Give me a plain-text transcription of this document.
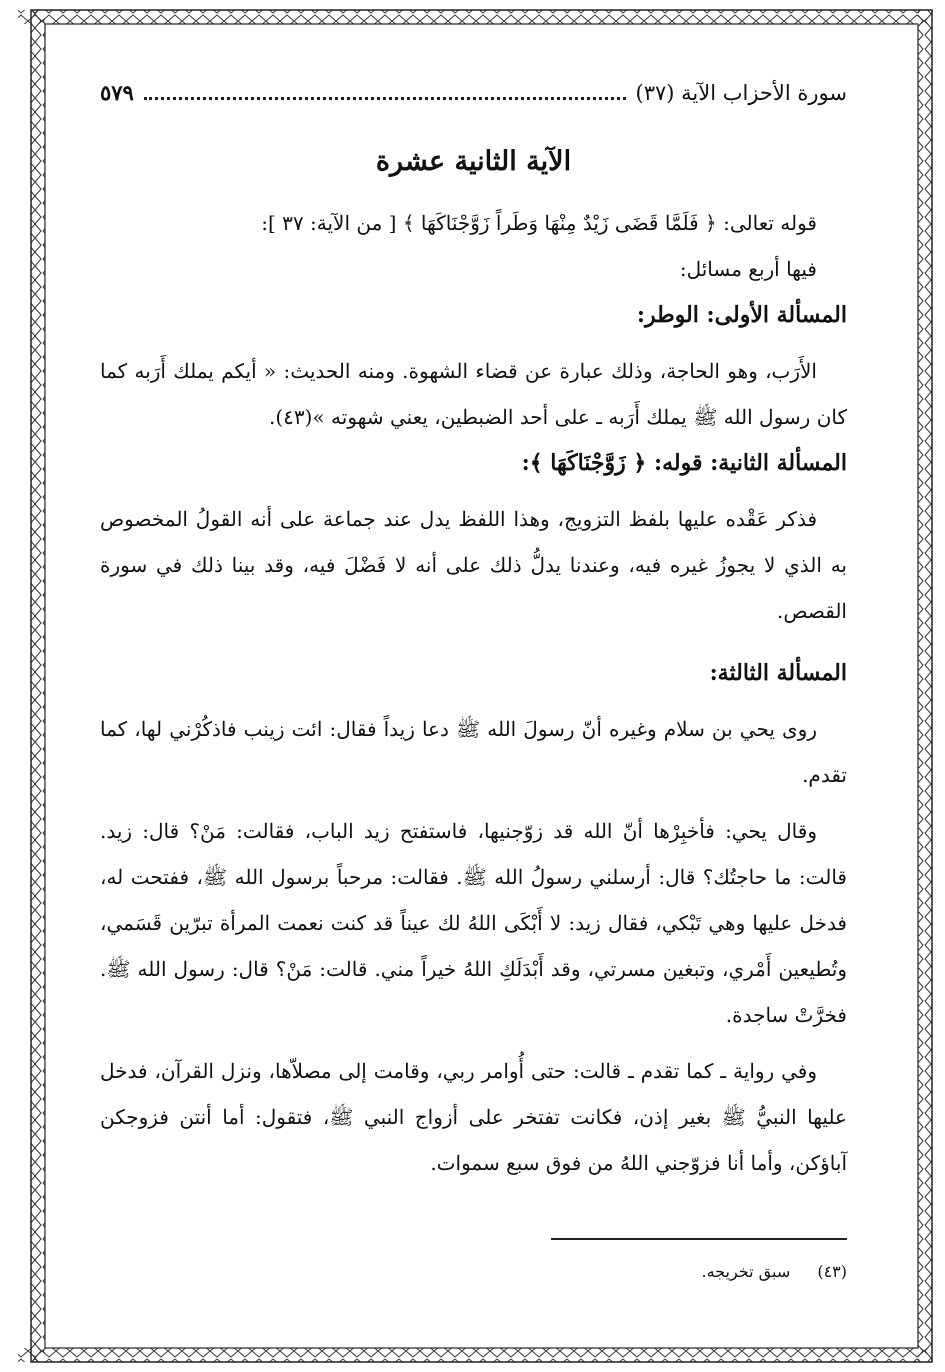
سورة الأحزاب الآية (٣٧)
٥٧٩
الآية الثانية عشرة

قوله تعالى: ﴿ فَلَمَّا قَضَى زَيْدٌ مِنْهَا وَطَراً زَوَّجْنَاكَهَا ﴾ [ من الآية: ٣٧ ]:

فيها أربع مسائل:

المسألة الأولى: الوطر:

الأَرَب، وهو الحاجة، وذلك عبارة عن قضاء الشهوة. ومنه الحديث: « أيكم يملك أَرَبه كما كان رسول الله ﷺ يملك أَرَبه ـ على أحد الضبطين، يعني شهوته »(٤٣).

المسألة الثانية: قوله: ﴿ زَوَّجْنَاكَهَا ﴾:

فذكر عَقْده عليها بلفظ التزويج، وهذا اللفظ يدل عند جماعة على أنه القولُ المخصوص به الذي لا يجوزُ غيره فيه، وعندنا يدلُّ ذلك على أنه لا فَضْلَ فيه، وقد بينا ذلك في سورة القصص.

المسألة الثالثة:

روى يحي بن سلام وغيره أنّ رسولَ الله ﷺ دعا زيداً فقال: ائت زينب فاذكُرْني لها، كما تقدم.

وقال يحي: فأخبِرْها أنّ الله قد زوّجنيها، فاستفتح زيد الباب، فقالت: مَنْ؟ قال: زيد. قالت: ما حاجتُك؟ قال: أرسلني رسولُ الله ﷺ. فقالت: مرحباً برسول الله ﷺ، ففتحت له، فدخل عليها وهي تَبْكي، فقال زيد: لا أَبْكَى اللهُ لك عيناً قد كنت نعمت المرأة تبرّين قَسَمي، وتُطيعين أَمْري، وتبغين مسرتي، وقد أَبْدَلَكِ اللهُ خيراً مني. قالت: مَنْ؟ قال: رسول الله ﷺ. فخرَّتْ ساجدة.

وفي رواية ـ كما تقدم ـ قالت: حتى أُوامر ربي، وقامت إلى مصلاّها، ونزل القرآن، فدخل عليها النبيُّ ﷺ بغير إذن، فكانت تفتخر على أزواج النبي ﷺ، فتقول: أما أنتن فزوجكن آباؤكن، وأما أنا فزوّجني اللهُ من فوق سبع سموات.

(٤٣) سبق تخريجه.
